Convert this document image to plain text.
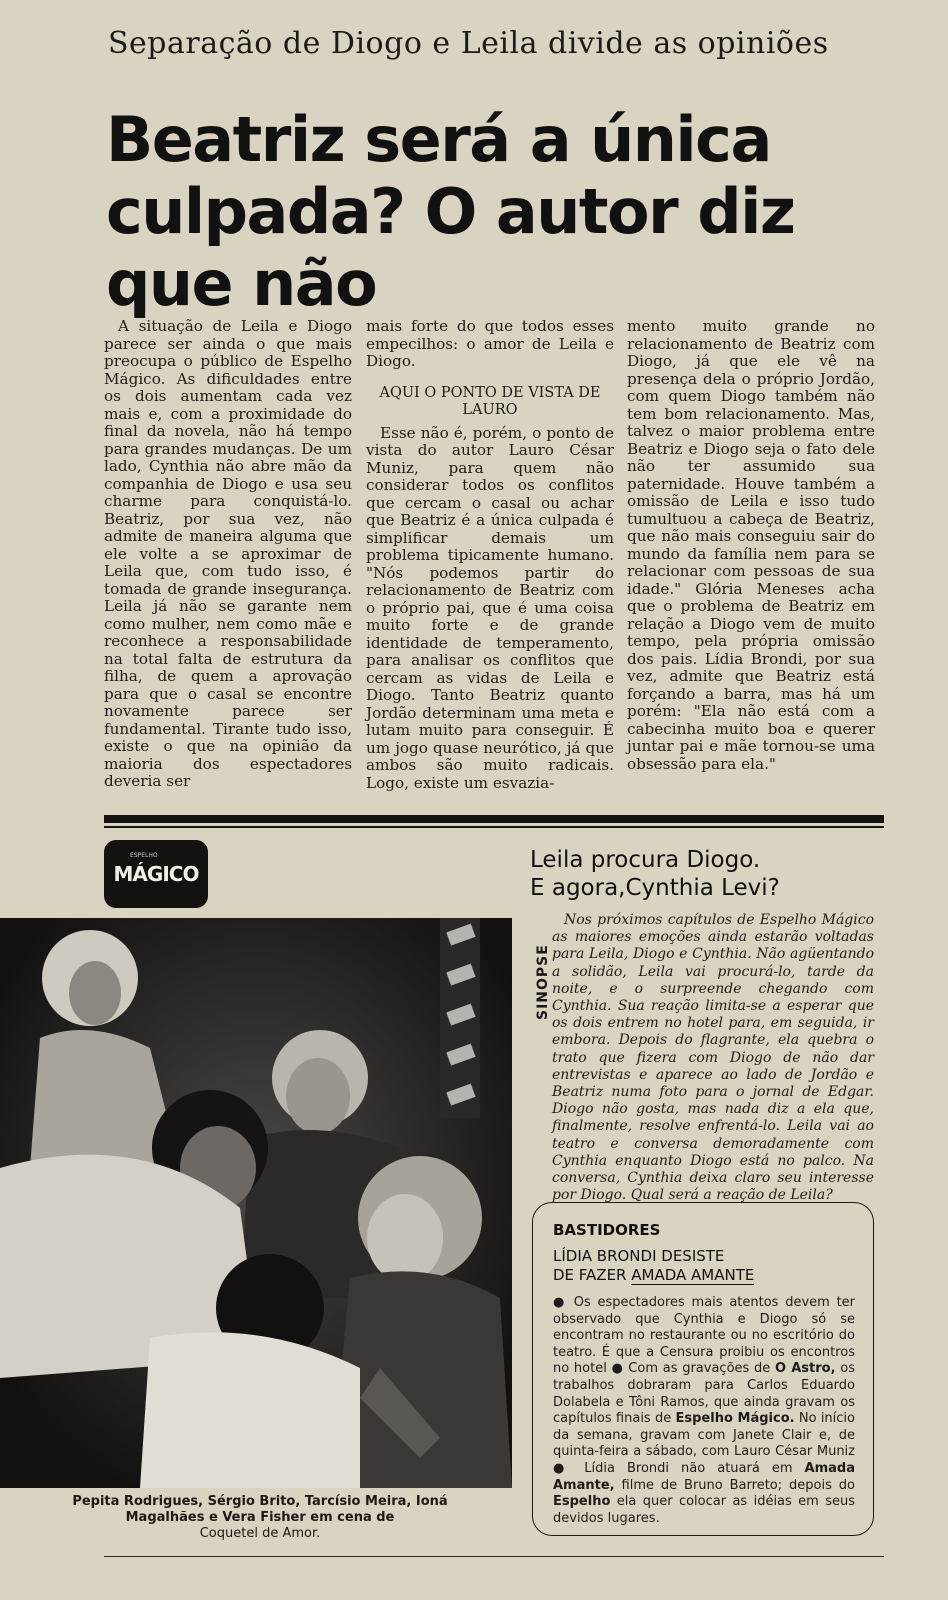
Separação de Diogo e Leila divide as opiniões
Beatriz será a única culpada? O autor diz que não

A situação de Leila e Diogo parece ser ainda o que mais preocupa o público de Espelho Mágico. As dificuldades entre os dois aumentam cada vez mais e, com a proximidade do final da novela, não há tempo para grandes mudanças. De um lado, Cynthia não abre mão da companhia de Diogo e usa seu charme para conquistá-lo. Beatriz, por sua vez, não admite de maneira alguma que ele volte a se aproximar de Leila que, com tudo isso, é tomada de grande insegurança. Leila já não se garante nem como mulher, nem como mãe e reconhece a responsabilidade na total falta de estrutura da filha, de quem a aprovação para que o casal se encontre novamente parece ser fundamental. Tirante tudo isso, existe o que na opinião da maioria dos espectadores deveria ser

mais forte do que todos esses empecilhos: o amor de Leila e Diogo.

AQUI O PONTO DE VISTA DE LAURO

Esse não é, porém, o ponto de vista do autor Lauro César Muniz, para quem não considerar todos os conflitos que cercam o casal ou achar que Beatriz é a única culpada é simplificar demais um problema tipicamente humano. "Nós podemos partir do relacionamento de Beatriz com o próprio pai, que é uma coisa muito forte e de grande identidade de temperamento, para analisar os conflitos que cercam as vidas de Leila e Diogo. Tanto Beatriz quanto Jordão determinam uma meta e lutam muito para conseguir. É um jogo quase neurótico, já que ambos são muito radicais. Logo, existe um esvazia-

mento muito grande no relacionamento de Beatriz com Diogo, já que ele vê na presença dela o próprio Jordão, com quem Diogo também não tem bom relacionamento. Mas, talvez o maior problema entre Beatriz e Diogo seja o fato dele não ter assumido sua paternidade. Houve também a omissão de Leila e isso tudo tumultuou a cabeça de Beatriz, que não mais conseguiu sair do mundo da família nem para se relacionar com pessoas de sua idade." Glória Meneses acha que o problema de Beatriz em relação a Diogo vem de muito tempo, pela própria omissão dos pais. Lídia Brondi, por sua vez, admite que Beatriz está forçando a barra, mas há um porém: "Ela não está com a cabecinha muito boa e querer juntar pai e mãe tornou-se uma obsessão para ela."

ESPELHO
MÁGICO
Pepita Rodrigues, Sérgio Brito, Tarcísio Meira, Ioná Magalhães e Vera Fisher em cena de
Coquetel de Amor.
Leila procura Diogo.
E agora,Cynthia Levi?
SINOPSE

Nos próximos capítulos de Espelho Mágico as maiores emoções ainda estarão voltadas para Leila, Diogo e Cynthia. Não agüentando a solidão, Leila vai procurá-lo, tarde da noite, e o surpreende chegando com Cynthia. Sua reação limita-se a esperar que os dois entrem no hotel para, em seguida, ir embora. Depois do flagrante, ela quebra o trato que fizera com Diogo de não dar entrevistas e aparece ao lado de Jordão e Beatriz numa foto para o jornal de Edgar. Diogo não gosta, mas nada diz a ela que, finalmente, resolve enfrentá-lo. Leila vai ao teatro e conversa demoradamente com Cynthia enquanto Diogo está no palco. Na conversa, Cynthia deixa claro seu interesse por Diogo. Qual será a reação de Leila?

BASTIDORES
LÍDIA BRONDI DESISTE
DE FAZER AMADA AMANTE
● Os espectadores mais atentos devem ter observado que Cynthia e Diogo só se encontram no restaurante ou no escritório do teatro. É que a Censura proibiu os encontros no hotel ● Com as gravações de O Astro, os trabalhos dobraram para Carlos Eduardo Dolabela e Tôni Ramos, que ainda gravam os capítulos finais de Espelho Mágico. No início da semana, gravam com Janete Clair e, de quinta-feira a sábado, com Lauro César Muniz ● Lídia Brondi não atuará em Amada Amante, filme de Bruno Barreto; depois do Espelho ela quer colocar as idéias em seus devidos lugares.
